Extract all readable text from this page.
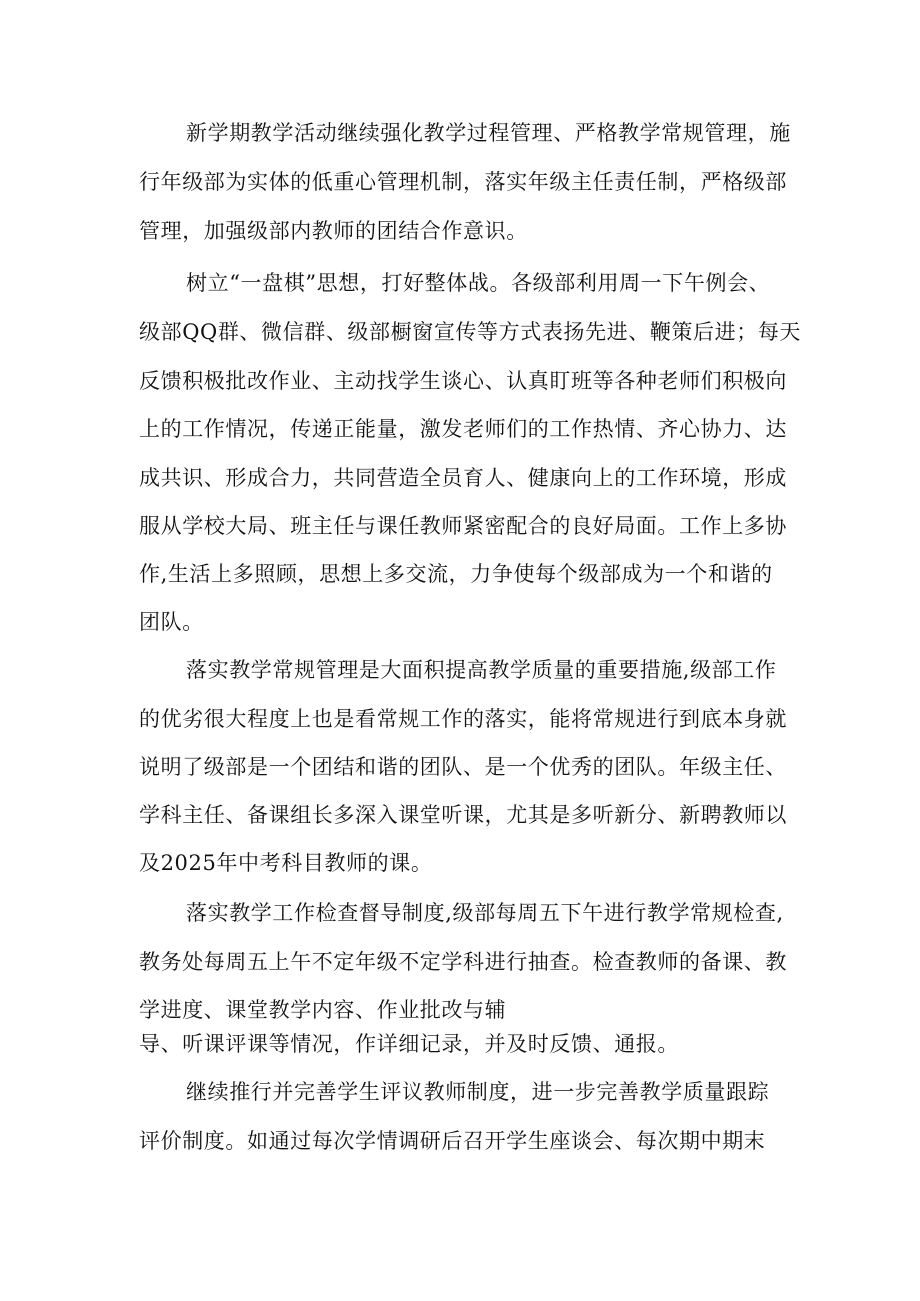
新学期教学活动继续强化教学过程管理、严格教学常规管理，施
行年级部为实体的低重心管理机制，落实年级主任责任制，严格级部
管理，加强级部内教师的团结合作意识。
树立“一盘棋”思想，打好整体战。各级部利用周一下午例会、
级部QQ群、微信群、级部橱窗宣传等方式表扬先进、鞭策后进；每天
反馈积极批改作业、主动找学生谈心、认真盯班等各种老师们积极向
上的工作情况，传递正能量，激发老师们的工作热情、齐心协力、达
成共识、形成合力，共同营造全员育人、健康向上的工作环境，形成
服从学校大局、班主任与课任教师紧密配合的良好局面。工作上多协
作,生活上多照顾，思想上多交流，力争使每个级部成为一个和谐的
团队。
落实教学常规管理是大面积提高教学质量的重要措施,级部工作
的优劣很大程度上也是看常规工作的落实，能将常规进行到底本身就
说明了级部是一个团结和谐的团队、是一个优秀的团队。年级主任、
学科主任、备课组长多深入课堂听课，尤其是多听新分、新聘教师以
及2025年中考科目教师的课。
落实教学工作检查督导制度,级部每周五下午进行教学常规检查,
教务处每周五上午不定年级不定学科进行抽查。检查教师的备课、教
学进度、课堂教学内容、作业批改与辅
导、听课评课等情况，作详细记录，并及时反馈、通报。
继续推行并完善学生评议教师制度，进一步完善教学质量跟踪
评价制度。如通过每次学情调研后召开学生座谈会、每次期中期末
